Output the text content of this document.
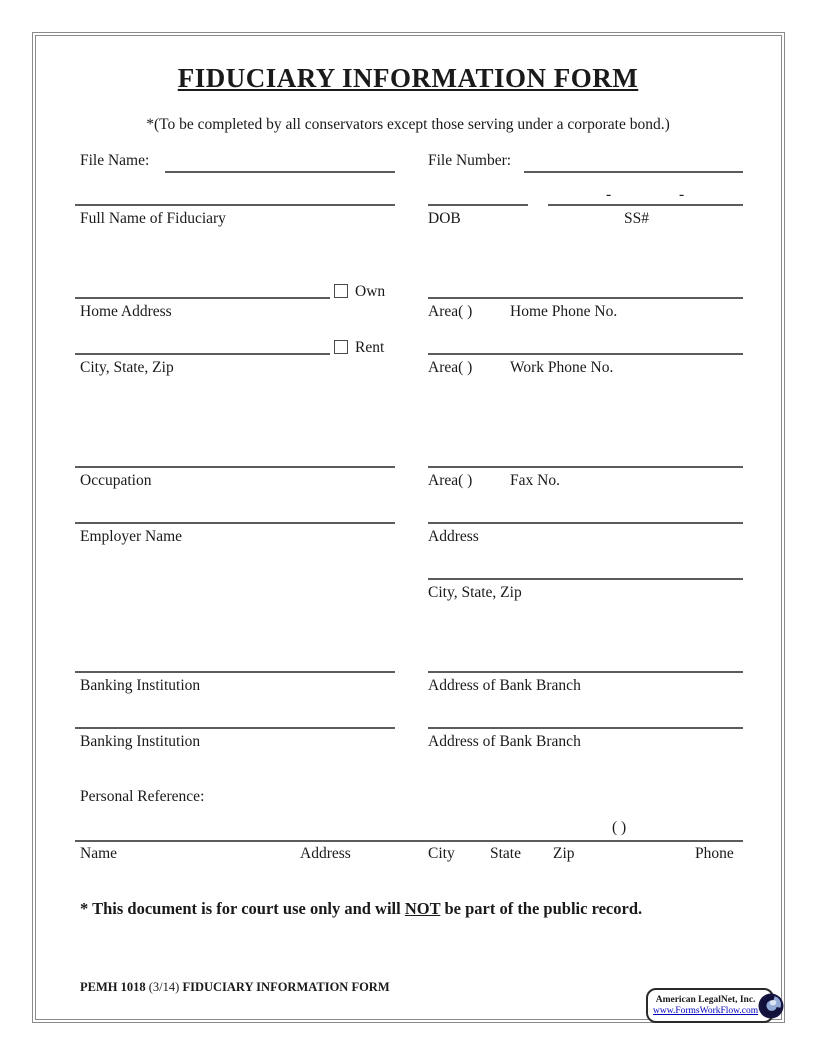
FIDUCIARY INFORMATION FORM
*(To be completed by all conservators except those serving under a corporate bond.)
File Name:	File Number:
-	-
Full Name of Fiduciary	DOB	SS#
Own
Home Address	Area( ) Home Phone No.
Rent
City, State, Zip	Area( ) Work Phone No.
Occupation	Area( ) Fax No.
Employer Name	Address
City, State, Zip
Banking Institution	Address of Bank Branch
Banking Institution	Address of Bank Branch
Personal Reference:
( )
Name	Address	City State Zip	Phone
* This document is for court use only and will NOT be part of the public record.
PEMH 1018 (3/14) FIDUCIARY INFORMATION FORM
American LegalNet, Inc.
www.FormsWorkFlow.com
